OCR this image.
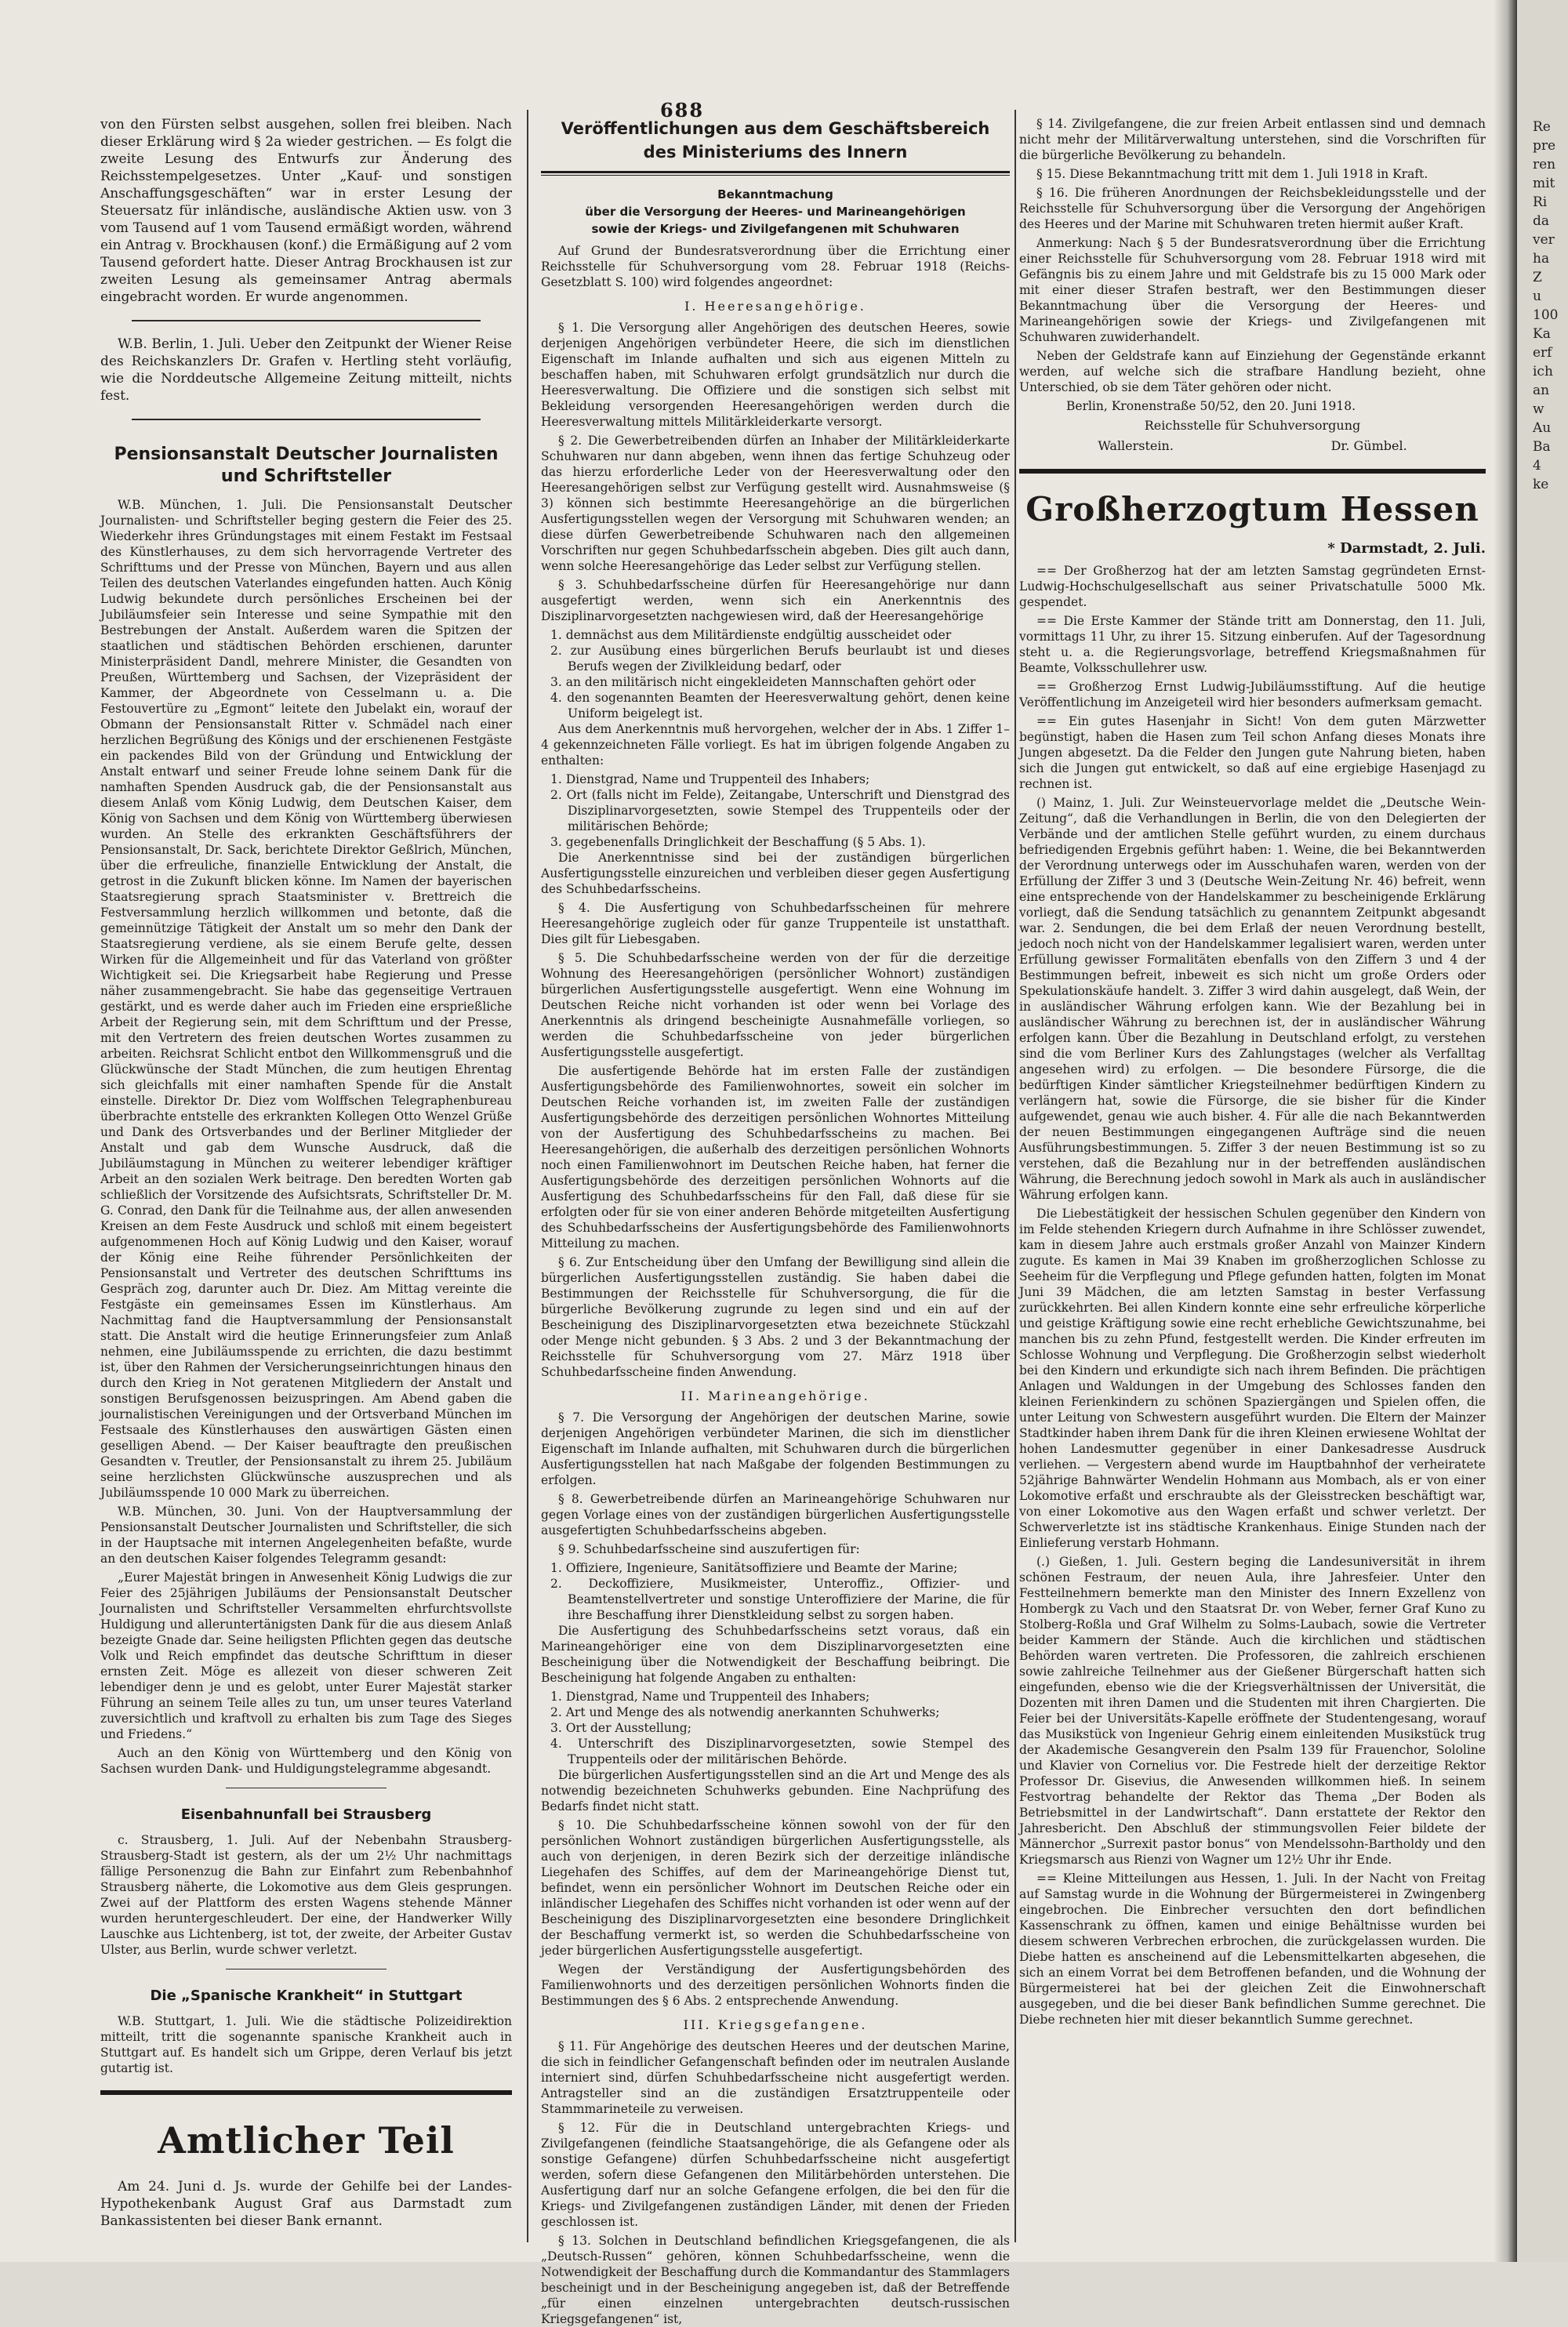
688

von den Fürsten selbst ausgehen, sollen frei bleiben. Nach dieser Erklärung wird § 2a wieder gestrichen. — Es folgt die zweite Lesung des Entwurfs zur Änderung des Reichsstempelgesetzes. Unter „Kauf- und sonstigen Anschaffungsgeschäften“ war in erster Lesung der Steuersatz für inländische, ausländische Aktien usw. von 3 vom Tausend auf 1 vom Tausend ermäßigt worden, während ein Antrag v. Brockhausen (konf.) die Ermäßigung auf 2 vom Tausend gefordert hatte. Dieser Antrag Brockhausen ist zur zweiten Lesung als gemeinsamer Antrag abermals eingebracht worden. Er wurde angenommen.

W.B. Berlin, 1. Juli. Ueber den Zeitpunkt der Wiener Reise des Reichskanzlers Dr. Grafen v. Hertling steht vorläufig, wie die Norddeutsche Allgemeine Zeitung mitteilt, nichts fest.

Pensionsanstalt Deutscher Journalisten und Schriftsteller

W.B. München, 1. Juli. Die Pensionsanstalt Deutscher Journalisten- und Schriftsteller beging gestern die Feier des 25. Wiederkehr ihres Gründungstages mit einem Festakt im Festsaal des Künstlerhauses, zu dem sich hervorragende Vertreter des Schrifttums und der Presse von München, Bayern und aus allen Teilen des deutschen Vaterlandes eingefunden hatten. Auch König Ludwig bekundete durch persönliches Erscheinen bei der Jubiläumsfeier sein Interesse und seine Sympathie mit den Bestrebungen der Anstalt. Außerdem waren die Spitzen der staatlichen und städtischen Behörden erschienen, darunter Ministerpräsident Dandl, mehrere Minister, die Gesandten von Preußen, Württemberg und Sachsen, der Vizepräsident der Kammer, der Abgeordnete von Cesselmann u. a. Die Festouvertüre zu „Egmont“ leitete den Jubelakt ein, worauf der Obmann der Pensionsanstalt Ritter v. Schmädel nach einer herzlichen Begrüßung des Königs und der erschienenen Festgäste ein packendes Bild von der Gründung und Entwicklung der Anstalt entwarf und seiner Freude lohne seinem Dank für die namhaften Spenden Ausdruck gab, die der Pensionsanstalt aus diesem Anlaß vom König Ludwig, dem Deutschen Kaiser, dem König von Sachsen und dem König von Württemberg überwiesen wurden. An Stelle des erkrankten Geschäftsführers der Pensionsanstalt, Dr. Sack, berichtete Direktor Geßlrich, München, über die erfreuliche, finanzielle Entwicklung der Anstalt, die getrost in die Zukunft blicken könne. Im Namen der bayerischen Staatsregierung sprach Staatsminister v. Brettreich die Festversammlung herzlich willkommen und betonte, daß die gemeinnützige Tätigkeit der Anstalt um so mehr den Dank der Staatsregierung verdiene, als sie einem Berufe gelte, dessen Wirken für die Allgemeinheit und für das Vaterland von größter Wichtigkeit sei. Die Kriegsarbeit habe Regierung und Presse näher zusammengebracht. Sie habe das gegenseitige Vertrauen gestärkt, und es werde daher auch im Frieden eine ersprießliche Arbeit der Regierung sein, mit dem Schrifttum und der Presse, mit den Vertretern des freien deutschen Wortes zusammen zu arbeiten. Reichsrat Schlicht entbot den Willkommensgruß und die Glückwünsche der Stadt München, die zum heutigen Ehrentag sich gleichfalls mit einer namhaften Spende für die Anstalt einstelle. Direktor Dr. Diez vom Wolffschen Telegraphenbureau überbrachte entstelle des erkrankten Kollegen Otto Wenzel Grüße und Dank des Ortsverbandes und der Berliner Mitglieder der Anstalt und gab dem Wunsche Ausdruck, daß die Jubiläumstagung in München zu weiterer lebendiger kräftiger Arbeit an den sozialen Werk beitrage. Den beredten Worten gab schließlich der Vorsitzende des Aufsichtsrats, Schriftsteller Dr. M. G. Conrad, den Dank für die Teilnahme aus, der allen anwesenden Kreisen an dem Feste Ausdruck und schloß mit einem begeistert aufgenommenen Hoch auf König Ludwig und den Kaiser, worauf der König eine Reihe führender Persönlichkeiten der Pensionsanstalt und Vertreter des deutschen Schrifttums ins Gespräch zog, darunter auch Dr. Diez. Am Mittag vereinte die Festgäste ein gemeinsames Essen im Künstlerhaus. Am Nachmittag fand die Hauptversammlung der Pensionsanstalt statt. Die Anstalt wird die heutige Erinnerungsfeier zum Anlaß nehmen, eine Jubiläumsspende zu errichten, die dazu bestimmt ist, über den Rahmen der Versicherungseinrichtungen hinaus den durch den Krieg in Not geratenen Mitgliedern der Anstalt und sonstigen Berufsgenossen beizuspringen. Am Abend gaben die journalistischen Vereinigungen und der Ortsverband München im Festsaale des Künstlerhauses den auswärtigen Gästen einen geselligen Abend. — Der Kaiser beauftragte den preußischen Gesandten v. Treutler, der Pensionsanstalt zu ihrem 25. Jubiläum seine herzlichsten Glückwünsche auszusprechen und als Jubiläumsspende 10 000 Mark zu überreichen.

W.B. München, 30. Juni. Von der Hauptversammlung der Pensionsanstalt Deutscher Journalisten und Schriftsteller, die sich in der Hauptsache mit internen Angelegenheiten befaßte, wurde an den deutschen Kaiser folgendes Telegramm gesandt:

„Eurer Majestät bringen in Anwesenheit König Ludwigs die zur Feier des 25jährigen Jubiläums der Pensionsanstalt Deutscher Journalisten und Schriftsteller Versammelten ehrfurchtsvollste Huldigung und alleruntertänigsten Dank für die aus diesem Anlaß bezeigte Gnade dar. Seine heiligsten Pflichten gegen das deutsche Volk und Reich empfindet das deutsche Schrifttum in dieser ernsten Zeit. Möge es allezeit von dieser schweren Zeit lebendiger denn je und es gelobt, unter Eurer Majestät starker Führung an seinem Teile alles zu tun, um unser teures Vaterland zuversichtlich und kraftvoll zu erhalten bis zum Tage des Sieges und Friedens.“

Auch an den König von Württemberg und den König von Sachsen wurden Dank- und Huldigungstelegramme abgesandt.

Eisenbahnunfall bei Strausberg

c. Strausberg, 1. Juli. Auf der Nebenbahn Strausberg-Strausberg-Stadt ist gestern, als der um 2½ Uhr nachmittags fällige Personenzug die Bahn zur Einfahrt zum Rebenbahnhof Strausberg näherte, die Lokomotive aus dem Gleis gesprungen. Zwei auf der Plattform des ersten Wagens stehende Männer wurden heruntergeschleudert. Der eine, der Handwerker Willy Lauschke aus Lichtenberg, ist tot, der zweite, der Arbeiter Gustav Ulster, aus Berlin, wurde schwer verletzt.

Die „Spanische Krankheit“ in Stuttgart

W.B. Stuttgart, 1. Juli. Wie die städtische Polizeidirektion mitteilt, tritt die sogenannte spanische Krankheit auch in Stuttgart auf. Es handelt sich um Grippe, deren Verlauf bis jetzt gutartig ist.

Amtlicher Teil

Am 24. Juni d. Js. wurde der Gehilfe bei der Landes-Hypothekenbank August Graf aus Darmstadt zum Bankassistenten bei dieser Bank ernannt.

Veröffentlichungen aus dem Geschäftsbereich
des Ministeriums des Innern
Bekanntmachung
über die Versorgung der Heeres- und Marineangehörigen
sowie der Kriegs- und Zivilgefangenen mit Schuhwaren

Auf Grund der Bundesratsverordnung über die Errichtung einer Reichsstelle für Schuhversorgung vom 28. Februar 1918 (Reichs-Gesetzblatt S. 100) wird folgendes angeordnet:

I. Heeresangehörige.

§ 1. Die Versorgung aller Angehörigen des deutschen Heeres, sowie derjenigen Angehörigen verbündeter Heere, die sich im dienstlichen Eigenschaft im Inlande aufhalten und sich aus eigenen Mitteln zu beschaffen haben, mit Schuhwaren erfolgt grundsätzlich nur durch die Heeresverwaltung. Die Offiziere und die sonstigen sich selbst mit Bekleidung versorgenden Heeresangehörigen werden durch die Heeresverwaltung mittels Militärkleiderkarte versorgt.

§ 2. Die Gewerbetreibenden dürfen an Inhaber der Militärkleiderkarte Schuhwaren nur dann abgeben, wenn ihnen das fertige Schuhzeug oder das hierzu erforderliche Leder von der Heeresverwaltung oder den Heeresangehörigen selbst zur Verfügung gestellt wird. Ausnahmsweise (§ 3) können sich bestimmte Heeresangehörige an die bürgerlichen Ausfertigungsstellen wegen der Versorgung mit Schuhwaren wenden; an diese dürfen Gewerbetreibende Schuhwaren nach den allgemeinen Vorschriften nur gegen Schuhbedarfsschein abgeben. Dies gilt auch dann, wenn solche Heeresangehörige das Leder selbst zur Verfügung stellen.

§ 3. Schuhbedarfsscheine dürfen für Heeresangehörige nur dann ausgefertigt werden, wenn sich ein Anerkenntnis des Disziplinarvorgesetzten nachgewiesen wird, daß der Heeresangehörige

1. demnächst aus dem Militärdienste endgültig ausscheidet oder
2. zur Ausübung eines bürgerlichen Berufs beurlaubt ist und dieses Berufs wegen der Zivilkleidung bedarf, oder
3. an den militärisch nicht eingekleideten Mannschaften gehört oder
4. den sogenannten Beamten der Heeresverwaltung gehört, denen keine Uniform beigelegt ist.

Aus dem Anerkenntnis muß hervorgehen, welcher der in Abs. 1 Ziffer 1–4 gekennzeichneten Fälle vorliegt. Es hat im übrigen folgende Angaben zu enthalten:

1. Dienstgrad, Name und Truppenteil des Inhabers;
2. Ort (falls nicht im Felde), Zeitangabe, Unterschrift und Dienstgrad des Disziplinarvorgesetzten, sowie Stempel des Truppenteils oder der militärischen Behörde;
3. gegebenenfalls Dringlichkeit der Beschaffung (§ 5 Abs. 1).

Die Anerkenntnisse sind bei der zuständigen bürgerlichen Ausfertigungsstelle einzureichen und verbleiben dieser gegen Ausfertigung des Schuhbedarfsscheins.

§ 4. Die Ausfertigung von Schuhbedarfsscheinen für mehrere Heeresangehörige zugleich oder für ganze Truppenteile ist unstatthaft. Dies gilt für Liebesgaben.

§ 5. Die Schuhbedarfsscheine werden von der für die derzeitige Wohnung des Heeresangehörigen (persönlicher Wohnort) zuständigen bürgerlichen Ausfertigungsstelle ausgefertigt. Wenn eine Wohnung im Deutschen Reiche nicht vorhanden ist oder wenn bei Vorlage des Anerkenntnis als dringend bescheinigte Ausnahmefälle vorliegen, so werden die Schuhbedarfsscheine von jeder bürgerlichen Ausfertigungsstelle ausgefertigt.

Die ausfertigende Behörde hat im ersten Falle der zuständigen Ausfertigungsbehörde des Familienwohnortes, soweit ein solcher im Deutschen Reiche vorhanden ist, im zweiten Falle der zuständigen Ausfertigungsbehörde des derzeitigen persönlichen Wohnortes Mitteilung von der Ausfertigung des Schuhbedarfsscheins zu machen. Bei Heeresangehörigen, die außerhalb des derzeitigen persönlichen Wohnorts noch einen Familienwohnort im Deutschen Reiche haben, hat ferner die Ausfertigungsbehörde des derzeitigen persönlichen Wohnorts auf die Ausfertigung des Schuhbedarfsscheins für den Fall, daß diese für sie erfolgten oder für sie von einer anderen Behörde mitgeteilten Ausfertigung des Schuhbedarfsscheins der Ausfertigungsbehörde des Familienwohnorts Mitteilung zu machen.

§ 6. Zur Entscheidung über den Umfang der Bewilligung sind allein die bürgerlichen Ausfertigungsstellen zuständig. Sie haben dabei die Bestimmungen der Reichsstelle für Schuhversorgung, die für die bürgerliche Bevölkerung zugrunde zu legen sind und ein auf der Bescheinigung des Disziplinarvorgesetzten etwa bezeichnete Stückzahl oder Menge nicht gebunden. § 3 Abs. 2 und 3 der Bekanntmachung der Reichsstelle für Schuhversorgung vom 27. März 1918 über Schuhbedarfsscheine finden Anwendung.

II. Marineangehörige.

§ 7. Die Versorgung der Angehörigen der deutschen Marine, sowie derjenigen Angehörigen verbündeter Marinen, die sich im dienstlicher Eigenschaft im Inlande aufhalten, mit Schuhwaren durch die bürgerlichen Ausfertigungsstellen hat nach Maßgabe der folgenden Bestimmungen zu erfolgen.

§ 8. Gewerbetreibende dürfen an Marineangehörige Schuhwaren nur gegen Vorlage eines von der zuständigen bürgerlichen Ausfertigungsstelle ausgefertigten Schuhbedarfsscheins abgeben.

§ 9. Schuhbedarfsscheine sind auszufertigen für:

1. Offiziere, Ingenieure, Sanitätsoffiziere und Beamte der Marine;
2. Deckoffiziere, Musikmeister, Unteroffiz., Offizier- und Beamtenstellvertreter und sonstige Unteroffiziere der Marine, die für ihre Beschaffung ihrer Dienstkleidung selbst zu sorgen haben.

Die Ausfertigung des Schuhbedarfsscheins setzt voraus, daß ein Marineangehöriger eine von dem Disziplinarvorgesetzten eine Bescheinigung über die Notwendigkeit der Beschaffung beibringt. Die Bescheinigung hat folgende Angaben zu enthalten:

1. Dienstgrad, Name und Truppenteil des Inhabers;
2. Art und Menge des als notwendig anerkannten Schuhwerks;
3. Ort der Ausstellung;
4. Unterschrift des Disziplinarvorgesetzten, sowie Stempel des Truppenteils oder der militärischen Behörde.

Die bürgerlichen Ausfertigungsstellen sind an die Art und Menge des als notwendig bezeichneten Schuhwerks gebunden. Eine Nachprüfung des Bedarfs findet nicht statt.

§ 10. Die Schuhbedarfsscheine können sowohl von der für den persönlichen Wohnort zuständigen bürgerlichen Ausfertigungsstelle, als auch von derjenigen, in deren Bezirk sich der derzeitige inländische Liegehafen des Schiffes, auf dem der Marineangehörige Dienst tut, befindet, wenn ein persönlicher Wohnort im Deutschen Reiche oder ein inländischer Liegehafen des Schiffes nicht vorhanden ist oder wenn auf der Bescheinigung des Disziplinarvorgesetzten eine besondere Dringlichkeit der Beschaffung vermerkt ist, so werden die Schuhbedarfsscheine von jeder bürgerlichen Ausfertigungsstelle ausgefertigt.

Wegen der Verständigung der Ausfertigungsbehörden des Familienwohnorts und des derzeitigen persönlichen Wohnorts finden die Bestimmungen des § 6 Abs. 2 entsprechende Anwendung.

III. Kriegsgefangene.

§ 11. Für Angehörige des deutschen Heeres und der deutschen Marine, die sich in feindlicher Gefangenschaft befinden oder im neutralen Auslande interniert sind, dürfen Schuhbedarfsscheine nicht ausgefertigt werden. Antragsteller sind an die zuständigen Ersatztruppenteile oder Stammmarineteile zu verweisen.

§ 12. Für die in Deutschland untergebrachten Kriegs- und Zivilgefangenen (feindliche Staatsangehörige, die als Gefangene oder als sonstige Gefangene) dürfen Schuhbedarfsscheine nicht ausgefertigt werden, sofern diese Gefangenen den Militärbehörden unterstehen. Die Ausfertigung darf nur an solche Gefangene erfolgen, die bei den für die Kriegs- und Zivilgefangenen zuständigen Länder, mit denen der Frieden geschlossen ist.

§ 13. Solchen in Deutschland befindlichen Kriegsgefangenen, die als „Deutsch-Russen“ gehören, können Schuhbedarfsscheine, wenn die Notwendigkeit der Beschaffung durch die Kommandantur des Stammlagers bescheinigt und in der Bescheinigung angegeben ist, daß der Betreffende „für einen einzelnen untergebrachten deutsch-russischen Kriegsgefangenen“ ist,

§ 14. Zivilgefangene, die zur freien Arbeit entlassen sind und demnach nicht mehr der Militärverwaltung unterstehen, sind die Vorschriften für die bürgerliche Bevölkerung zu behandeln.

§ 15. Diese Bekanntmachung tritt mit dem 1. Juli 1918 in Kraft.

§ 16. Die früheren Anordnungen der Reichsbekleidungsstelle und der Reichsstelle für Schuhversorgung über die Versorgung der Angehörigen des Heeres und der Marine mit Schuhwaren treten hiermit außer Kraft.

Anmerkung: Nach § 5 der Bundesratsverordnung über die Errichtung einer Reichsstelle für Schuhversorgung vom 28. Februar 1918 wird mit Gefängnis bis zu einem Jahre und mit Geldstrafe bis zu 15 000 Mark oder mit einer dieser Strafen bestraft, wer den Bestimmungen dieser Bekanntmachung über die Versorgung der Heeres- und Marineangehörigen sowie der Kriegs- und Zivilgefangenen mit Schuhwaren zuwiderhandelt.

Neben der Geldstrafe kann auf Einziehung der Gegenstände erkannt werden, auf welche sich die strafbare Handlung bezieht, ohne Unterschied, ob sie dem Täter gehören oder nicht.

Berlin, Kronenstraße 50/52, den 20. Juni 1918.

Reichsstelle für Schuhversorgung
Wallerstein.	Dr. Gümbel.
Großherzogtum Hessen
* Darmstadt, 2. Juli.

== Der Großherzog hat der am letzten Samstag gegründeten Ernst-Ludwig-Hochschulgesellschaft aus seiner Privatschatulle 5000 Mk. gespendet.

== Die Erste Kammer der Stände tritt am Donnerstag, den 11. Juli, vormittags 11 Uhr, zu ihrer 15. Sitzung einberufen. Auf der Tagesordnung steht u. a. die Regierungsvorlage, betreffend Kriegsmaßnahmen für Beamte, Volksschullehrer usw.

== Großherzog Ernst Ludwig-Jubiläumsstiftung. Auf die heutige Veröffentlichung im Anzeigeteil wird hier besonders aufmerksam gemacht.

== Ein gutes Hasenjahr in Sicht! Von dem guten Märzwetter begünstigt, haben die Hasen zum Teil schon Anfang dieses Monats ihre Jungen abgesetzt. Da die Felder den Jungen gute Nahrung bieten, haben sich die Jungen gut entwickelt, so daß auf eine ergiebige Hasenjagd zu rechnen ist.

() Mainz, 1. Juli. Zur Weinsteuervorlage meldet die „Deutsche Wein-Zeitung“, daß die Verhandlungen in Berlin, die von den Delegierten der Verbände und der amtlichen Stelle geführt wurden, zu einem durchaus befriedigenden Ergebnis geführt haben: 1. Weine, die bei Bekanntwerden der Verordnung unterwegs oder im Ausschuhafen waren, werden von der Erfüllung der Ziffer 3 und 3 (Deutsche Wein-Zeitung Nr. 46) befreit, wenn eine entsprechende von der Handelskammer zu bescheinigende Erklärung vorliegt, daß die Sendung tatsächlich zu genanntem Zeitpunkt abgesandt war. 2. Sendungen, die bei dem Erlaß der neuen Verordnung bestellt, jedoch noch nicht von der Handelskammer legalisiert waren, werden unter Erfüllung gewisser Formalitäten ebenfalls von den Ziffern 3 und 4 der Bestimmungen befreit, inbeweit es sich nicht um große Orders oder Spekulationskäufe handelt. 3. Ziffer 3 wird dahin ausgelegt, daß Wein, der in ausländischer Währung erfolgen kann. Wie der Bezahlung bei in ausländischer Währung zu berechnen ist, der in ausländischer Währung erfolgen kann. Über die Bezahlung in Deutschland erfolgt, zu verstehen sind die vom Berliner Kurs des Zahlungstages (welcher als Verfalltag angesehen wird) zu erfolgen. — Die besondere Fürsorge, die die bedürftigen Kinder sämtlicher Kriegsteilnehmer bedürftigen Kindern zu verlängern hat, sowie die Fürsorge, die sie bisher für die Kinder aufgewendet, genau wie auch bisher. 4. Für alle die nach Bekanntwerden der neuen Bestimmungen eingegangenen Aufträge sind die neuen Ausführungsbestimmungen. 5. Ziffer 3 der neuen Bestimmung ist so zu verstehen, daß die Bezahlung nur in der betreffenden ausländischen Währung, die Berechnung jedoch sowohl in Mark als auch in ausländischer Währung erfolgen kann.

Die Liebestätigkeit der hessischen Schulen gegenüber den Kindern von im Felde stehenden Kriegern durch Aufnahme in ihre Schlösser zuwendet, kam in diesem Jahre auch erstmals großer Anzahl von Mainzer Kindern zugute. Es kamen in Mai 39 Knaben im großherzoglichen Schlosse zu Seeheim für die Verpflegung und Pflege gefunden hatten, folgten im Monat Juni 39 Mädchen, die am letzten Samstag in bester Verfassung zurückkehrten. Bei allen Kindern konnte eine sehr erfreuliche körperliche und geistige Kräftigung sowie eine recht erhebliche Gewichtszunahme, bei manchen bis zu zehn Pfund, festgestellt werden. Die Kinder erfreuten im Schlosse Wohnung und Verpflegung. Die Großherzogin selbst wiederholt bei den Kindern und erkundigte sich nach ihrem Befinden. Die prächtigen Anlagen und Waldungen in der Umgebung des Schlosses fanden den kleinen Ferienkindern zu schönen Spaziergängen und Spielen offen, die unter Leitung von Schwestern ausgeführt wurden. Die Eltern der Mainzer Stadtkinder haben ihrem Dank für die ihren Kleinen erwiesene Wohltat der hohen Landesmutter gegenüber in einer Dankesadresse Ausdruck verliehen. — Vergestern abend wurde im Hauptbahnhof der verheiratete 52jährige Bahnwärter Wendelin Hohmann aus Mombach, als er von einer Lokomotive erfaßt und erschraubte als der Gleisstrecken beschäftigt war, von einer Lokomotive aus den Wagen erfaßt und schwer verletzt. Der Schwerverletzte ist ins städtische Krankenhaus. Einige Stunden nach der Einlieferung verstarb Hohmann.

(.) Gießen, 1. Juli. Gestern beging die Landesuniversität in ihrem schönen Festraum, der neuen Aula, ihre Jahresfeier. Unter den Festteilnehmern bemerkte man den Minister des Innern Exzellenz von Hombergk zu Vach und den Staatsrat Dr. von Weber, ferner Graf Kuno zu Stolberg-Roßla und Graf Wilhelm zu Solms-Laubach, sowie die Vertreter beider Kammern der Stände. Auch die kirchlichen und städtischen Behörden waren vertreten. Die Professoren, die zahlreich erschienen sowie zahlreiche Teilnehmer aus der Gießener Bürgerschaft hatten sich eingefunden, ebenso wie die der Kriegsverhältnissen der Universität, die Dozenten mit ihren Damen und die Studenten mit ihren Chargierten. Die Feier bei der Universitäts-Kapelle eröffnete der Studentengesang, worauf das Musikstück von Ingenieur Gehrig einem einleitenden Musikstück trug der Akademische Gesangverein den Psalm 139 für Frauenchor, Sololine und Klavier von Cornelius vor. Die Festrede hielt der derzeitige Rektor Professor Dr. Gisevius, die Anwesenden willkommen hieß. In seinem Festvortrag behandelte der Rektor das Thema „Der Boden als Betriebsmittel in der Landwirtschaft“. Dann erstattete der Rektor den Jahresbericht. Den Abschluß der stimmungsvollen Feier bildete der Männerchor „Surrexit pastor bonus“ von Mendelssohn-Bartholdy und den Kriegsmarsch aus Rienzi von Wagner um 12½ Uhr ihr Ende.

== Kleine Mitteilungen aus Hessen, 1. Juli. In der Nacht von Freitag auf Samstag wurde in die Wohnung der Bürgermeisterei in Zwingenberg eingebrochen. Die Einbrecher versuchten den dort befindlichen Kassenschrank zu öffnen, kamen und einige Behältnisse wurden bei diesem schweren Verbrechen erbrochen, die zurückgelassen wurden. Die Diebe hatten es anscheinend auf die Lebensmittelkarten abgesehen, die sich an einem Vorrat bei dem Betroffenen befanden, und die Wohnung der Bürgermeisterei hat bei der gleichen Zeit die Einwohnerschaft ausgegeben, und die bei dieser Bank befindlichen Summe gerechnet. Die Diebe rechneten hier mit dieser bekanntlich Summe gerechnet.

Re
pre
ren
mit
Ri
da
ver
ha
Z
u
100
Ka
erf
ich
an
w
Au
Ba
4
ke
